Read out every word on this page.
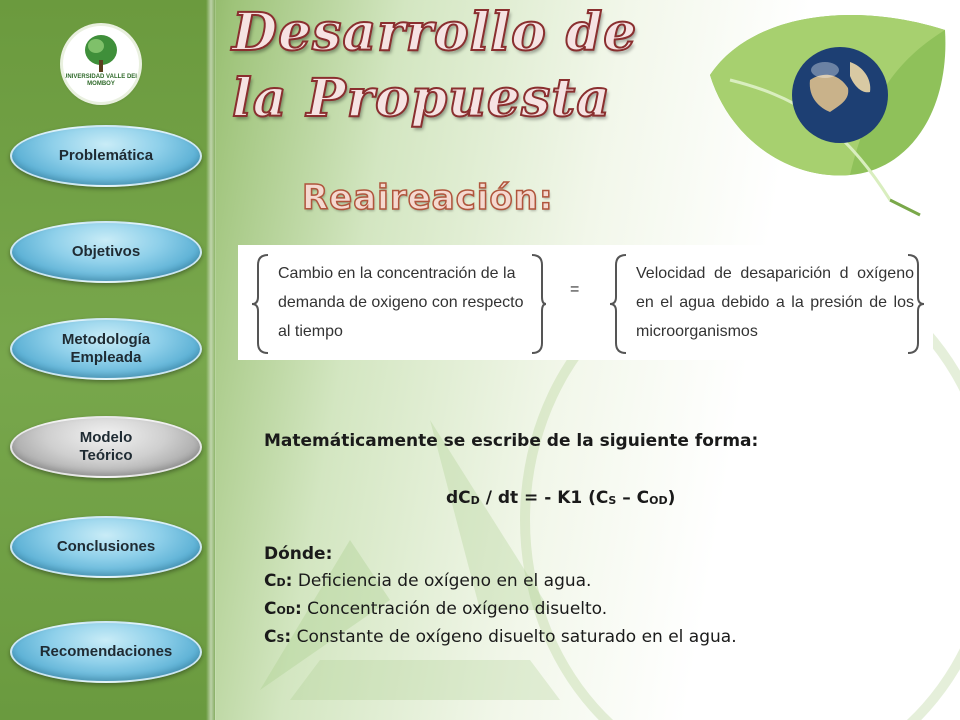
UNIVERSIDAD VALLE DEL MOMBOY
Problemática
Objetivos
Metodología
Empleada
Modelo
Teórico
Conclusiones
Recomendaciones
Desarrollo de
la Propuesta
Reaireación:
Cambio en la concentración de la demanda de oxigeno con respecto al tiempo
=
Velocidad de desaparición d oxígeno en el agua debido a la presión de los microorganismos
Matemáticamente se escribe de la siguiente forma:
$dC_D$ / dt = - K1 $(C_S - C_{OD})$
Dónde:
CD: Deficiencia de oxígeno en el agua.
COD: Concentración de oxígeno disuelto.
CS: Constante de oxígeno disuelto saturado en el agua.
